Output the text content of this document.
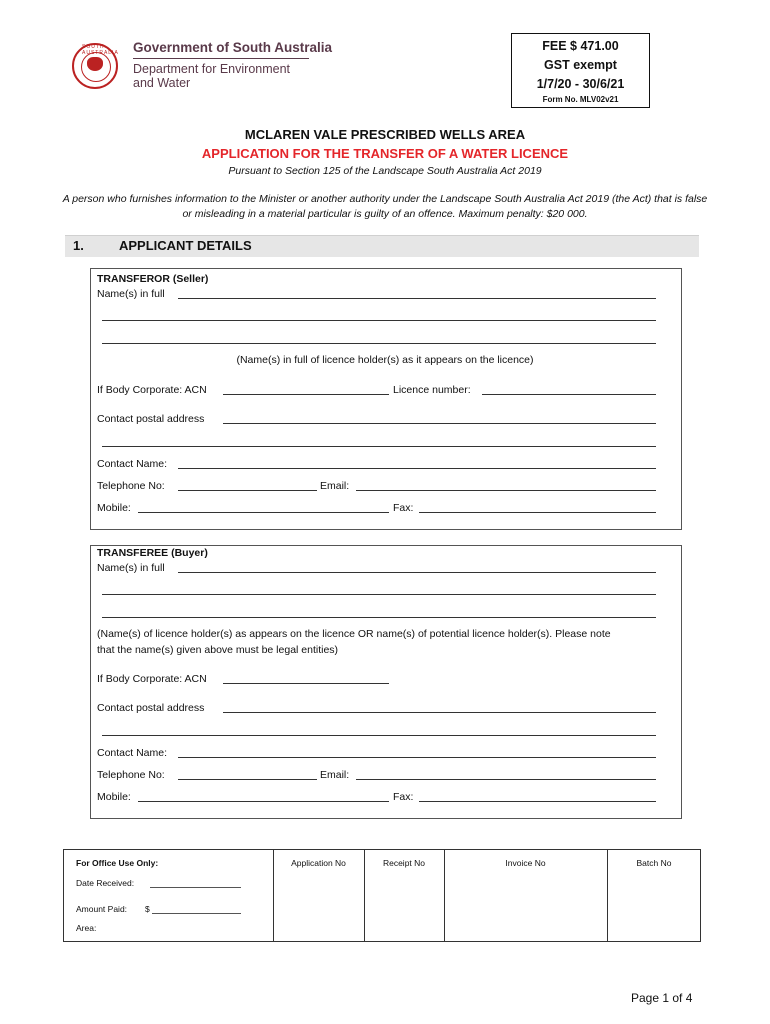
SOUTH AUSTRALIA Government of South Australia
Department for Environment
and Water
FEE $ 471.00
GST exempt
1/7/20 - 30/6/21
Form No. MLV02v21
MCLAREN VALE PRESCRIBED WELLS AREA
APPLICATION FOR THE TRANSFER OF A WATER LICENCE
Pursuant to Section 125 of the Landscape South Australia Act 2019
A person who furnishes information to the Minister or another authority under the Landscape South Australia Act 2019 (the Act) that is false or misleading in a material particular is guilty of an offence. Maximum penalty: $20 000.
1.	APPLICANT DETAILS
TRANSFEROR (Seller)
Name(s) in full
(Name(s) in full of licence holder(s) as it appears on the licence)
If Body Corporate: ACN	Licence number:
Contact postal address
Contact Name:
Telephone No:	Email:
Mobile:	Fax:
TRANSFEREE (Buyer)
Name(s) in full
(Name(s) of licence holder(s) as appears on the licence OR name(s) of potential licence holder(s). Please note
that the name(s) given above must be legal entities)
If Body Corporate: ACN
Contact postal address
Contact Name:
Telephone No:	Email:
Mobile:	Fax:
For Office Use Only:
Date Received:
Amount Paid: $
Area:
Application No	Receipt No	Invoice No	Batch No
Page 1 of 4
